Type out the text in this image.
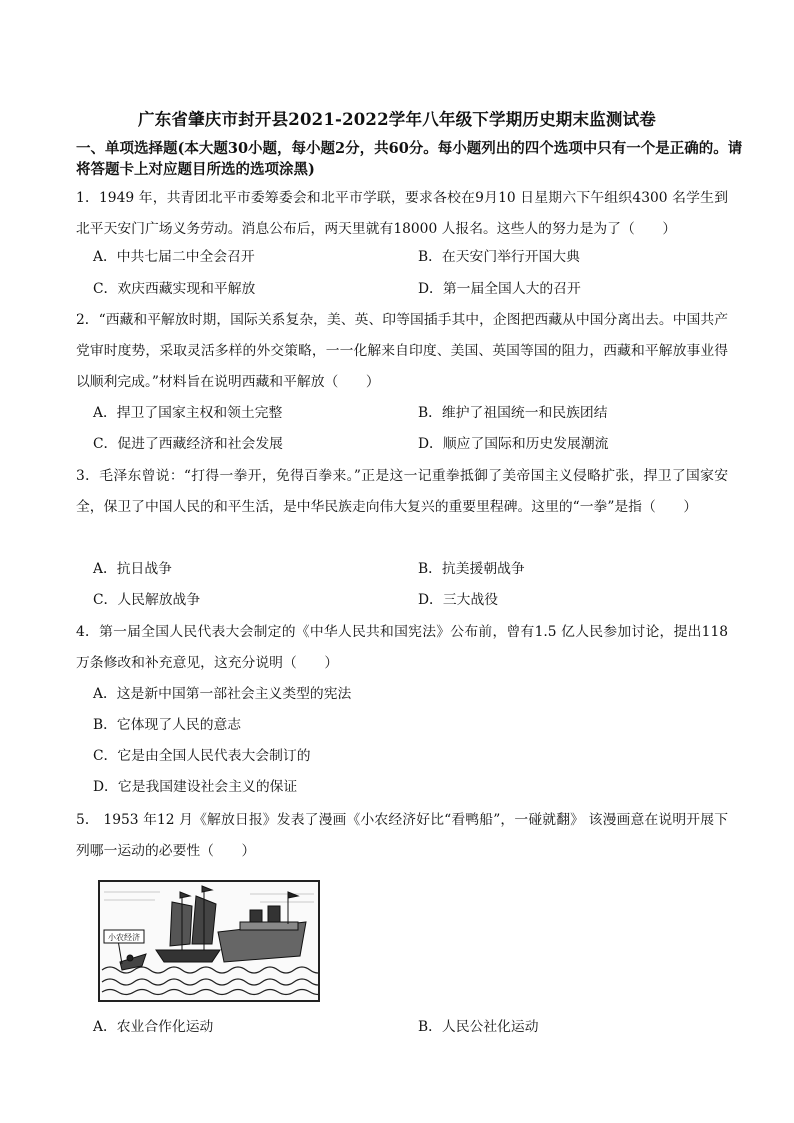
广东省肇庆市封开县2021-2022学年八年级下学期历史期末监测试卷
一、单项选择题(本大题30小题，每小题2分，共60分。每小题列出的四个选项中只有一个是正确的。请将答题卡上对应题目所选的选项涂黑)
1．1949 年，共青团北平市委筹委会和北平市学联，要求各校在9月10 日星期六下午组织4300 名学生到北平天安门广场义务劳动。消息公布后，两天里就有18000 人报名。这些人的努力是为了（　　）
A．中共七届二中全会召开	B．在天安门举行开国大典
C．欢庆西藏实现和平解放	D．第一届全国人大的召开
2．“西藏和平解放时期，国际关系复杂，美、英、印等国插手其中，企图把西藏从中国分离出去。中国共产党审时度势，采取灵活多样的外交策略，一一化解来自印度、美国、英国等国的阻力，西藏和平解放事业得以顺利完成。”材料旨在说明西藏和平解放（　　）
A．捍卫了国家主权和领土完整	B．维护了祖国统一和民族团结
C．促进了西藏经济和社会发展	D．顺应了国际和历史发展潮流
3．毛泽东曾说：“打得一拳开，免得百拳来。”正是这一记重拳抵御了美帝国主义侵略扩张，捍卫了国家安全，保卫了中国人民的和平生活，是中华民族走向伟大复兴的重要里程碑。这里的“一拳”是指（　　）
A．抗日战争	B．抗美援朝战争
C．人民解放战争	D．三大战役
4．第一届全国人民代表大会制定的《中华人民共和国宪法》公布前，曾有1.5 亿人民参加讨论，提出118 万条修改和补充意见，这充分说明（　　）
A．这是新中国第一部社会主义类型的宪法
B．它体现了人民的意志
C．它是由全国人民代表大会制订的
D．它是我国建设社会主义的保证
5． 1953 年12 月《解放日报》发表了漫画《小农经济好比“看鸭船”，一碰就翻》 该漫画意在说明开展下列哪一运动的必要性（　　）
小农经济
A．农业合作化运动	B．人民公社化运动
